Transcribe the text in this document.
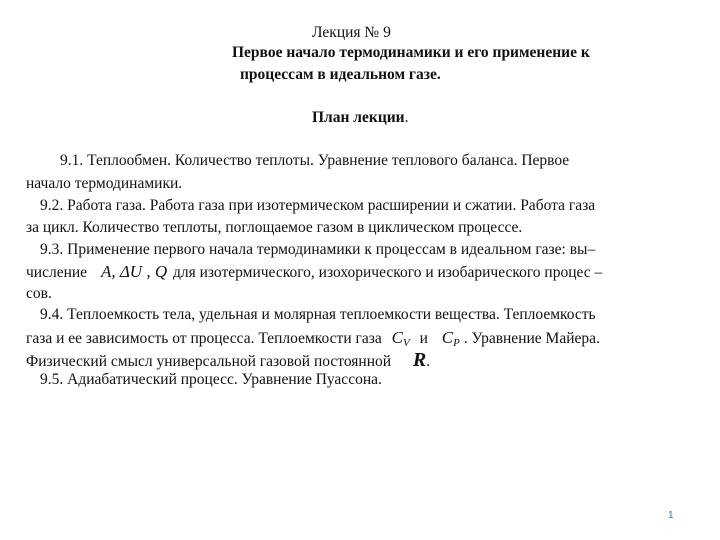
Лекция № 9
Первое начало термодинамики и его применение к
процессам в идеальном газе.
План лекции.
9.1. Теплообмен. Количество теплоты. Уравнение теплового баланса. Первое
начало термодинамики.
9.2. Работа газа. Работа газа при изотермическом расширении и сжатии. Работа газа
за цикл. Количество теплоты, поглощаемое газом в циклическом процессе.
9.3. Применение первого начала термодинамики к процессам в идеальном газе: вы–
числение A, ΔU , Q для изотермического, изохорического и изобарического процес –
сов.
9.4. Теплоемкость тела, удельная и молярная теплоемкости вещества. Теплоемкость
газа и ее зависимость от процесса. Теплоемкости газа $C_V$ и $C_P$ . Уравнение Майера.
Физический смысл универсальной газовой постоянной R.
9.5. Адиабатический процесс. Уравнение Пуассона.
1
